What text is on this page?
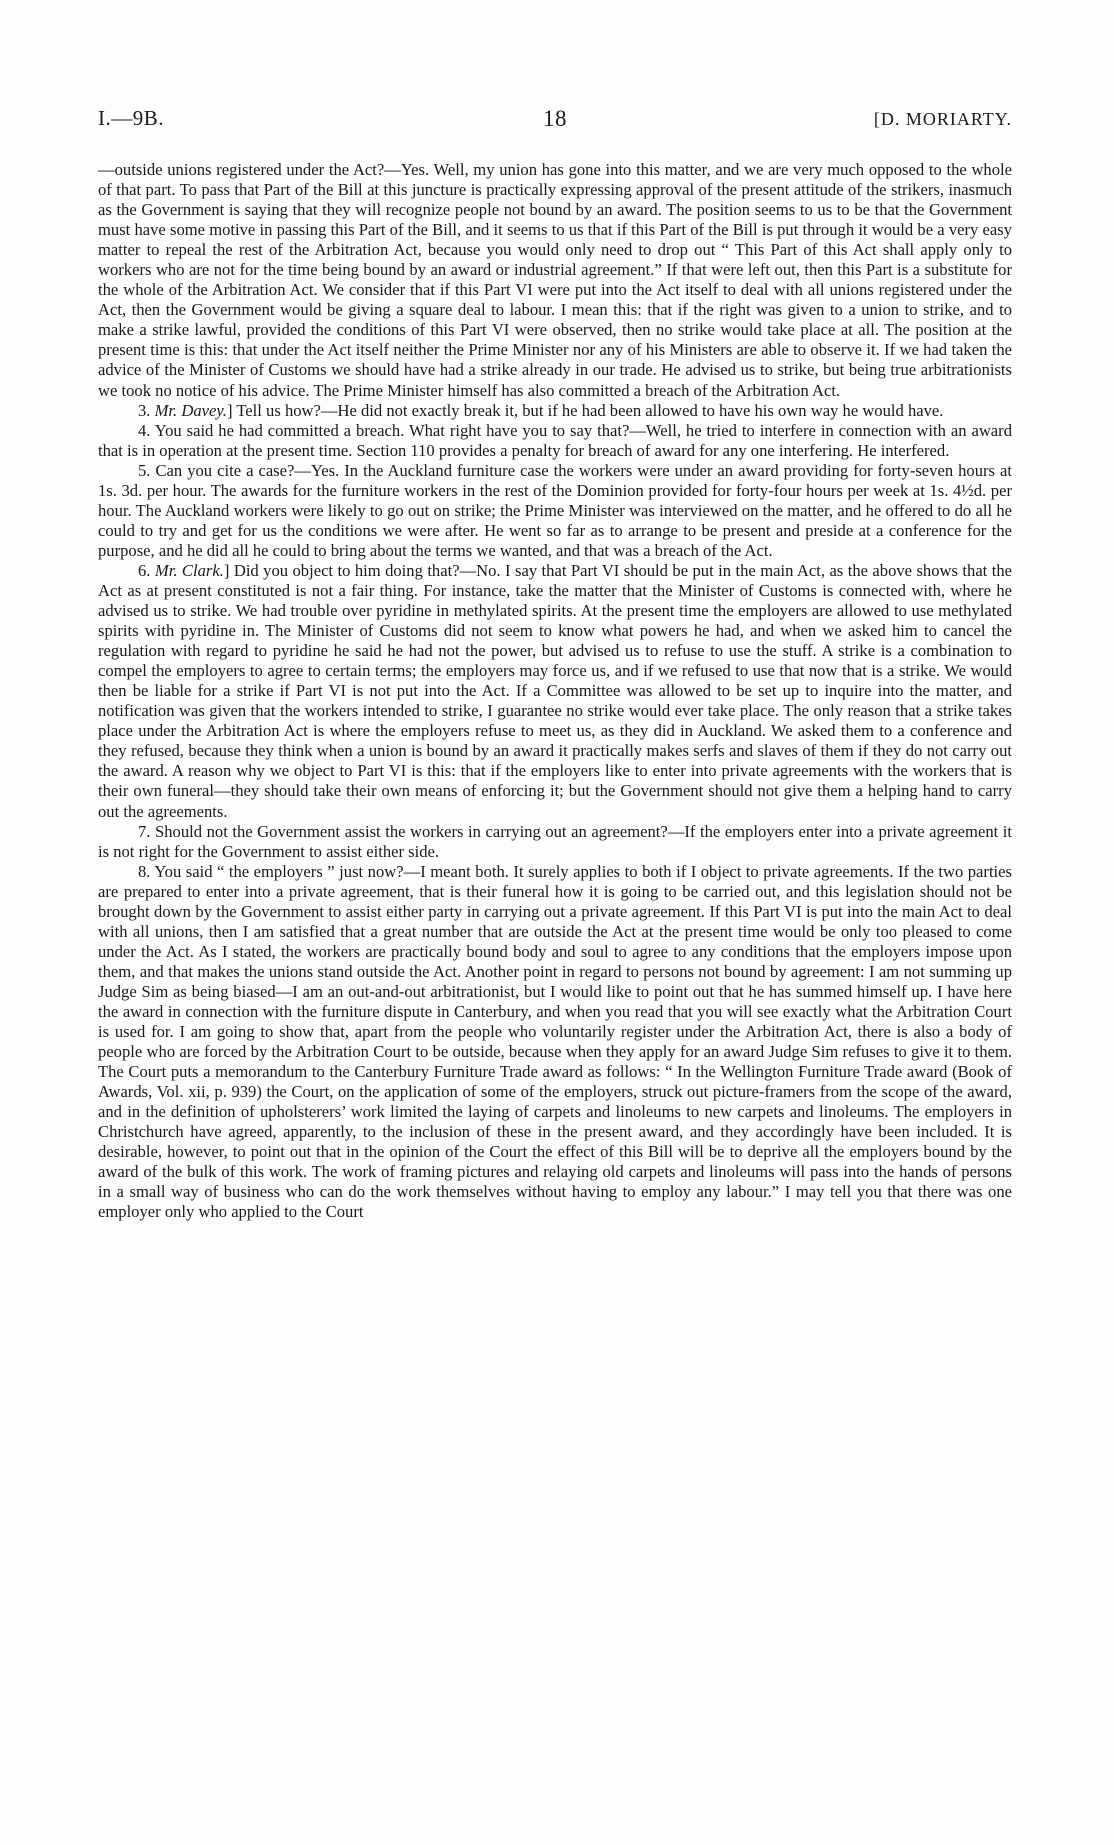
I.—9B.	18	[D. MORIARTY.

—outside unions registered under the Act?—Yes. Well, my union has gone into this matter, and we are very much opposed to the whole of that part. To pass that Part of the Bill at this juncture is practically expressing approval of the present attitude of the strikers, inasmuch as the Government is saying that they will recognize people not bound by an award. The position seems to us to be that the Government must have some motive in passing this Part of the Bill, and it seems to us that if this Part of the Bill is put through it would be a very easy matter to repeal the rest of the Arbitration Act, because you would only need to drop out “ This Part of this Act shall apply only to workers who are not for the time being bound by an award or industrial agreement.” If that were left out, then this Part is a substitute for the whole of the Arbitration Act. We consider that if this Part VI were put into the Act itself to deal with all unions registered under the Act, then the Government would be giving a square deal to labour. I mean this: that if the right was given to a union to strike, and to make a strike lawful, provided the conditions of this Part VI were observed, then no strike would take place at all. The position at the present time is this: that under the Act itself neither the Prime Minister nor any of his Ministers are able to observe it. If we had taken the advice of the Minister of Customs we should have had a strike already in our trade. He advised us to strike, but being true arbitrationists we took no notice of his advice. The Prime Minister himself has also committed a breach of the Arbitration Act.

3. Mr. Davey.] Tell us how?—He did not exactly break it, but if he had been allowed to have his own way he would have.

4. You said he had committed a breach. What right have you to say that?—Well, he tried to interfere in connection with an award that is in operation at the present time. Section 110 provides a penalty for breach of award for any one interfering. He interfered.

5. Can you cite a case?—Yes. In the Auckland furniture case the workers were under an award providing for forty-seven hours at 1s. 3d. per hour. The awards for the furniture workers in the rest of the Dominion provided for forty-four hours per week at 1s. 4½d. per hour. The Auckland workers were likely to go out on strike; the Prime Minister was interviewed on the matter, and he offered to do all he could to try and get for us the conditions we were after. He went so far as to arrange to be present and preside at a conference for the purpose, and he did all he could to bring about the terms we wanted, and that was a breach of the Act.

6. Mr. Clark.] Did you object to him doing that?—No. I say that Part VI should be put in the main Act, as the above shows that the Act as at present constituted is not a fair thing. For instance, take the matter that the Minister of Customs is connected with, where he advised us to strike. We had trouble over pyridine in methylated spirits. At the present time the employers are allowed to use methylated spirits with pyridine in. The Minister of Customs did not seem to know what powers he had, and when we asked him to cancel the regulation with regard to pyridine he said he had not the power, but advised us to refuse to use the stuff. A strike is a combination to compel the employers to agree to certain terms; the employers may force us, and if we refused to use that now that is a strike. We would then be liable for a strike if Part VI is not put into the Act. If a Committee was allowed to be set up to inquire into the matter, and notification was given that the workers intended to strike, I guarantee no strike would ever take place. The only reason that a strike takes place under the Arbitration Act is where the employers refuse to meet us, as they did in Auckland. We asked them to a conference and they refused, because they think when a union is bound by an award it practically makes serfs and slaves of them if they do not carry out the award. A reason why we object to Part VI is this: that if the employers like to enter into private agreements with the workers that is their own funeral—they should take their own means of enforcing it; but the Government should not give them a helping hand to carry out the agreements.

7. Should not the Government assist the workers in carrying out an agreement?—If the employers enter into a private agreement it is not right for the Government to assist either side.

8. You said “ the employers ” just now?—I meant both. It surely applies to both if I object to private agreements. If the two parties are prepared to enter into a private agreement, that is their funeral how it is going to be carried out, and this legislation should not be brought down by the Government to assist either party in carrying out a private agreement. If this Part VI is put into the main Act to deal with all unions, then I am satisfied that a great number that are outside the Act at the present time would be only too pleased to come under the Act. As I stated, the workers are practically bound body and soul to agree to any conditions that the employers impose upon them, and that makes the unions stand outside the Act. Another point in regard to persons not bound by agreement: I am not summing up Judge Sim as being biased—I am an out-and-out arbitrationist, but I would like to point out that he has summed himself up. I have here the award in connection with the furniture dispute in Canterbury, and when you read that you will see exactly what the Arbitration Court is used for. I am going to show that, apart from the people who voluntarily register under the Arbitration Act, there is also a body of people who are forced by the Arbitration Court to be outside, because when they apply for an award Judge Sim refuses to give it to them. The Court puts a memorandum to the Canterbury Furniture Trade award as follows: “ In the Wellington Furniture Trade award (Book of Awards, Vol. xii, p. 939) the Court, on the application of some of the employers, struck out picture-framers from the scope of the award, and in the definition of upholsterers’ work limited the laying of carpets and linoleums to new carpets and linoleums. The employers in Christchurch have agreed, apparently, to the inclusion of these in the present award, and they accordingly have been included. It is desirable, however, to point out that in the opinion of the Court the effect of this Bill will be to deprive all the employers bound by the award of the bulk of this work. The work of framing pictures and relaying old carpets and linoleums will pass into the hands of persons in a small way of business who can do the work themselves without having to employ any labour.” I may tell you that there was one employer only who applied to the Court
